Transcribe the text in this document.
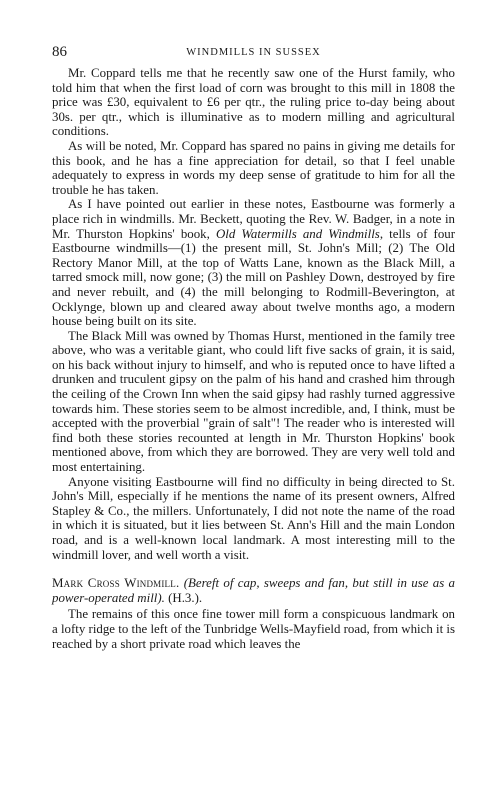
86	WINDMILLS IN SUSSEX

Mr. Coppard tells me that he recently saw one of the Hurst family, who told him that when the first load of corn was brought to this mill in 1808 the price was £30, equivalent to £6 per qtr., the ruling price to-day being about 30s. per qtr., which is illuminative as to modern milling and agricultural conditions.

As will be noted, Mr. Coppard has spared no pains in giving me details for this book, and he has a fine appreciation for detail, so that I feel unable adequately to express in words my deep sense of gratitude to him for all the trouble he has taken.

As I have pointed out earlier in these notes, Eastbourne was formerly a place rich in windmills. Mr. Beckett, quoting the Rev. W. Badger, in a note in Mr. Thurston Hopkins' book, Old Watermills and Windmills, tells of four Eastbourne windmills—(1) the present mill, St. John's Mill; (2) The Old Rectory Manor Mill, at the top of Watts Lane, known as the Black Mill, a tarred smock mill, now gone; (3) the mill on Pashley Down, destroyed by fire and never rebuilt, and (4) the mill belonging to Rodmill-Beverington, at Ocklynge, blown up and cleared away about twelve months ago, a modern house being built on its site.

The Black Mill was owned by Thomas Hurst, mentioned in the family tree above, who was a veritable giant, who could lift five sacks of grain, it is said, on his back without injury to himself, and who is reputed once to have lifted a drunken and truculent gipsy on the palm of his hand and crashed him through the ceiling of the Crown Inn when the said gipsy had rashly turned aggressive towards him. These stories seem to be almost incredible, and, I think, must be accepted with the proverbial "grain of salt"! The reader who is interested will find both these stories recounted at length in Mr. Thurston Hopkins' book mentioned above, from which they are borrowed. They are very well told and most entertaining.

Anyone visiting Eastbourne will find no difficulty in being directed to St. John's Mill, especially if he mentions the name of its present owners, Alfred Stapley & Co., the millers. Unfortunately, I did not note the name of the road in which it is situated, but it lies between St. Ann's Hill and the main London road, and is a well-known local landmark. A most interesting mill to the windmill lover, and well worth a visit.

Mark Cross Windmill. (Bereft of cap, sweeps and fan, but still in use as a power-operated mill). (H.3.).

The remains of this once fine tower mill form a conspicuous landmark on a lofty ridge to the left of the Tunbridge Wells-Mayfield road, from which it is reached by a short private road which leaves the
